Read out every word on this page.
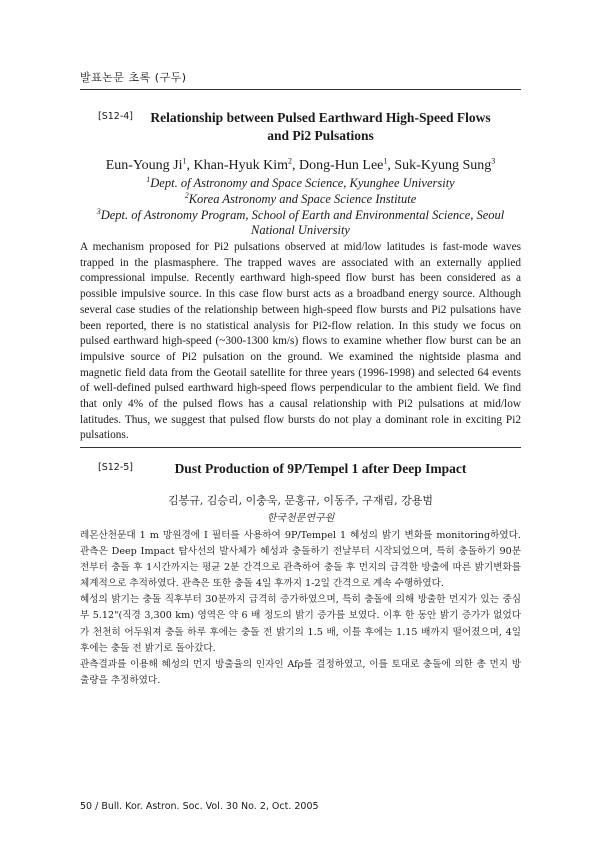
발표논문 초록 (구두)
[S12-4]	Relationship between Pulsed Earthward High-Speed Flows
and Pi2 Pulsations
Eun-Young Ji$^1$, Khan-Hyuk Kim$^2$, Dong-Hun Lee$^1$, Suk-Kyung Sung$^3$
$^1$Dept. of Astronomy and Space Science, Kyunghee University
$^2$Korea Astronomy and Space Science Institute
$^3$Dept. of Astronomy Program, School of Earth and Environmental Science, Seoul
National University

A mechanism proposed for Pi2 pulsations observed at mid/low latitudes is fast-mode waves trapped in the plasmasphere. The trapped waves are associated with an externally applied compressional impulse. Recently earthward high-speed flow burst has been considered as a possible impulsive source. In this case flow burst acts as a broadband energy source. Although several case studies of the relationship between high-speed flow bursts and Pi2 pulsations have been reported, there is no statistical analysis for Pi2-flow relation. In this study we focus on pulsed earthward high-speed (~300-1300 km/s) flows to examine whether flow burst can be an impulsive source of Pi2 pulsation on the ground. We examined the nightside plasma and magnetic field data from the Geotail satellite for three years (1996-1998) and selected 64 events of well-defined pulsed earthward high-speed flows perpendicular to the ambient field. We find that only 4% of the pulsed flows has a causal relationship with Pi2 pulsations at mid/low latitudes. Thus, we suggest that pulsed flow bursts do not play a dominant role in exciting Pi2 pulsations.

[S12-5]	Dust Production of 9P/Tempel 1 after Deep Impact
김봉규, 김승리, 이충욱, 문홍규, 이동주, 구재림, 강용범
한국천문연구원

레몬산천문대 1 m 망원경에 I 필터를 사용하여 9P/Tempel 1 혜성의 밝기 변화를 monitoring하였다. 관측은 Deep Impact 탐사선의 발사체가 혜성과 충돌하기 전날부터 시작되었으며, 특히 충돌하기 90분 전부터 충돌 후 1시간까지는 평균 2분 간격으로 관측하여 충돌 후 먼지의 급격한 방출에 따른 밝기변화를 체계적으로 추적하였다. 관측은 또한 충돌 4일 후까지 1-2일 간격으로 계속 수행하였다.

혜성의 밝기는 충돌 직후부터 30분까지 급격히 증가하였으며, 특히 충돌에 의해 방출한 먼지가 있는 중심부 5.12"(직경 3,300 km) 영역은 약 6 배 정도의 밝기 증가를 보였다. 이후 한 동안 밝기 증가가 없었다가 천천히 어두워져 충돌 하루 후에는 충돌 전 밝기의 1.5 배, 이틀 후에는 1.15 배까지 떨어졌으며, 4일 후에는 충돌 전 밝기로 돌아갔다.

관측결과를 이용해 혜성의 먼지 방출율의 인자인 Afρ를 결정하였고, 이를 토대로 충돌에 의한 총 먼지 방출량을 추정하였다.

50 / Bull. Kor. Astron. Soc. Vol. 30 No. 2, Oct. 2005
